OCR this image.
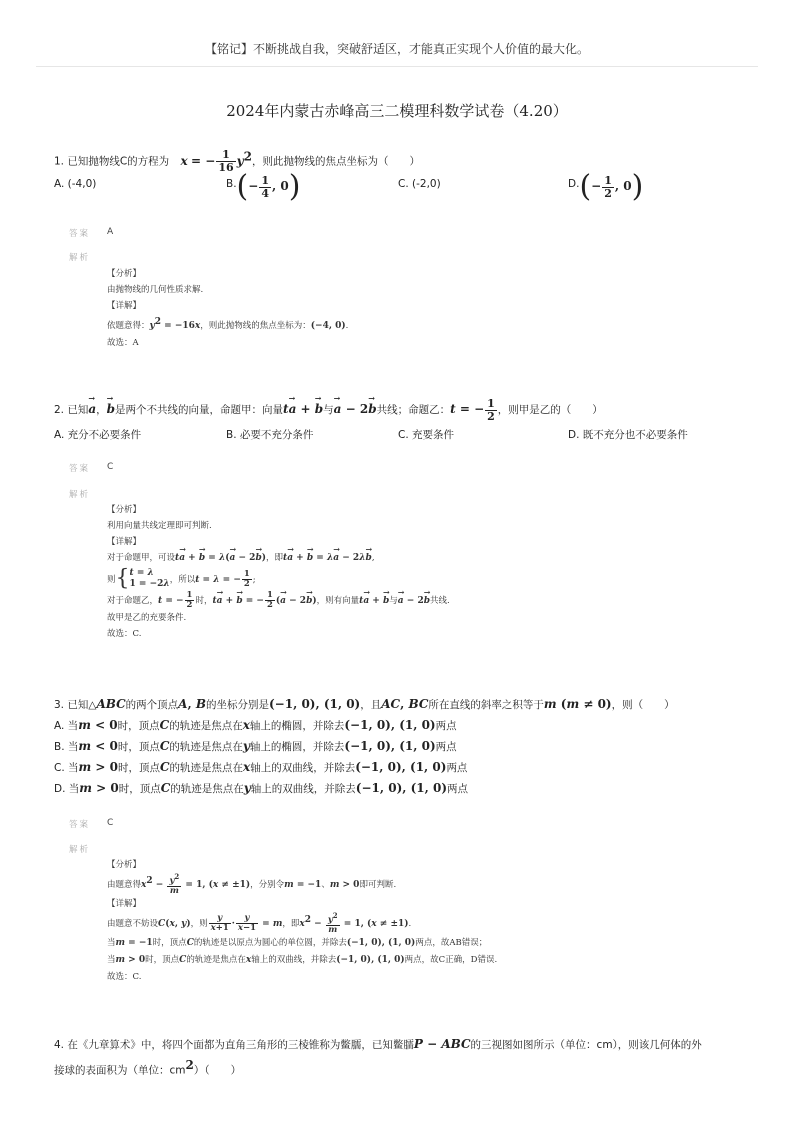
【铭记】不断挑战自我，突破舒适区，才能真正实现个人价值的最大化。
2024年内蒙古赤峰高三二模理科数学试卷（4.20）
1. 已知抛物线C的方程为 x = − $\frac{1}{16} y^2$，则此抛物线的焦点坐标为（　　）
A. (-4,0)	$B.(- \frac{1}{4}$ , 0)	C. (-2,0)	$D.(- \frac{1}{2}$ , 0)
答案 A
解析
【分析】
由抛物线的几何性质求解.
【详解】
依题意得：$y^2 = -16x$，则此抛物线的焦点坐标为：(−4, 0).
故选：A
2. 已知→ a，→ b是两个不共线的向量，命题甲：向量t→ a + → b与→ a − 2→ b共线；命题乙：t = − $\frac{1}{2}$ ，则甲是乙的（　　）
A. 充分不必要条件	B. 必要不充分条件	C. 充要条件	D. 既不充分也不必要条件
答案 C
解析
【分析】
利用向量共线定理即可判断.
【详解】
对于命题甲，可设t→ a + → b = λ(→ a − 2→ b)，即t→ a + → b = λ→ a − 2λ→ b,
则{t = λ
1 = −2λ，所以t = λ = − $\frac{1}{2}$ ;
对于命题乙，t = − $\frac{1}{2}$ 时，t→ a + → b = − $\frac{1}{2}$ (→ a − 2→ b)，则有向量t→ a + → b与→ a − 2→ b共线.
故甲是乙的充要条件.
故选：C.
3. 已知△ABC的两个顶点A, B的坐标分别是(−1, 0), (1, 0)，且AC, BC所在直线的斜率之积等于m (m ≠ 0)，则（　　）
A. 当m < 0时，顶点C的轨迹是焦点在x轴上的椭圆，并除去(−1, 0), (1, 0)两点
B. 当m < 0时，顶点C的轨迹是焦点在y轴上的椭圆，并除去(−1, 0), (1, 0)两点
C. 当m > 0时，顶点C的轨迹是焦点在x轴上的双曲线，并除去(−1, 0), (1, 0)两点
D. 当m > 0时，顶点C的轨迹是焦点在y轴上的双曲线，并除去(−1, 0), (1, 0)两点
答案 C
解析
【分析】
由题意得$x^2 - \frac{y^2}{m} = 1$, (x ≠ ±1)，分别令m = −1、m > 0即可判断.
【详解】
由题意不妨设C(x, y)，则 $\frac{y}{x+1} \cdot \frac{y}{x-1} = m$，即$x^2 - \frac{y^2}{m} = 1$, (x ≠ ±1).
当m = −1时，顶点C的轨迹是以原点为圆心的单位圆，并除去(−1, 0), (1, 0)两点，故AB错误；
当m > 0时，顶点C的轨迹是焦点在x轴上的双曲线，并除去(−1, 0), (1, 0)两点，故C正确，D错误.
故选：C.
4. 在《九章算术》中，将四个面都为直角三角形的三棱锥称为鳖臑，已知鳖臑P − ABC的三视图如图所示（单位：cm），则该几何体的外
接球的表面积为（单位：$cm^2$）（　　）
